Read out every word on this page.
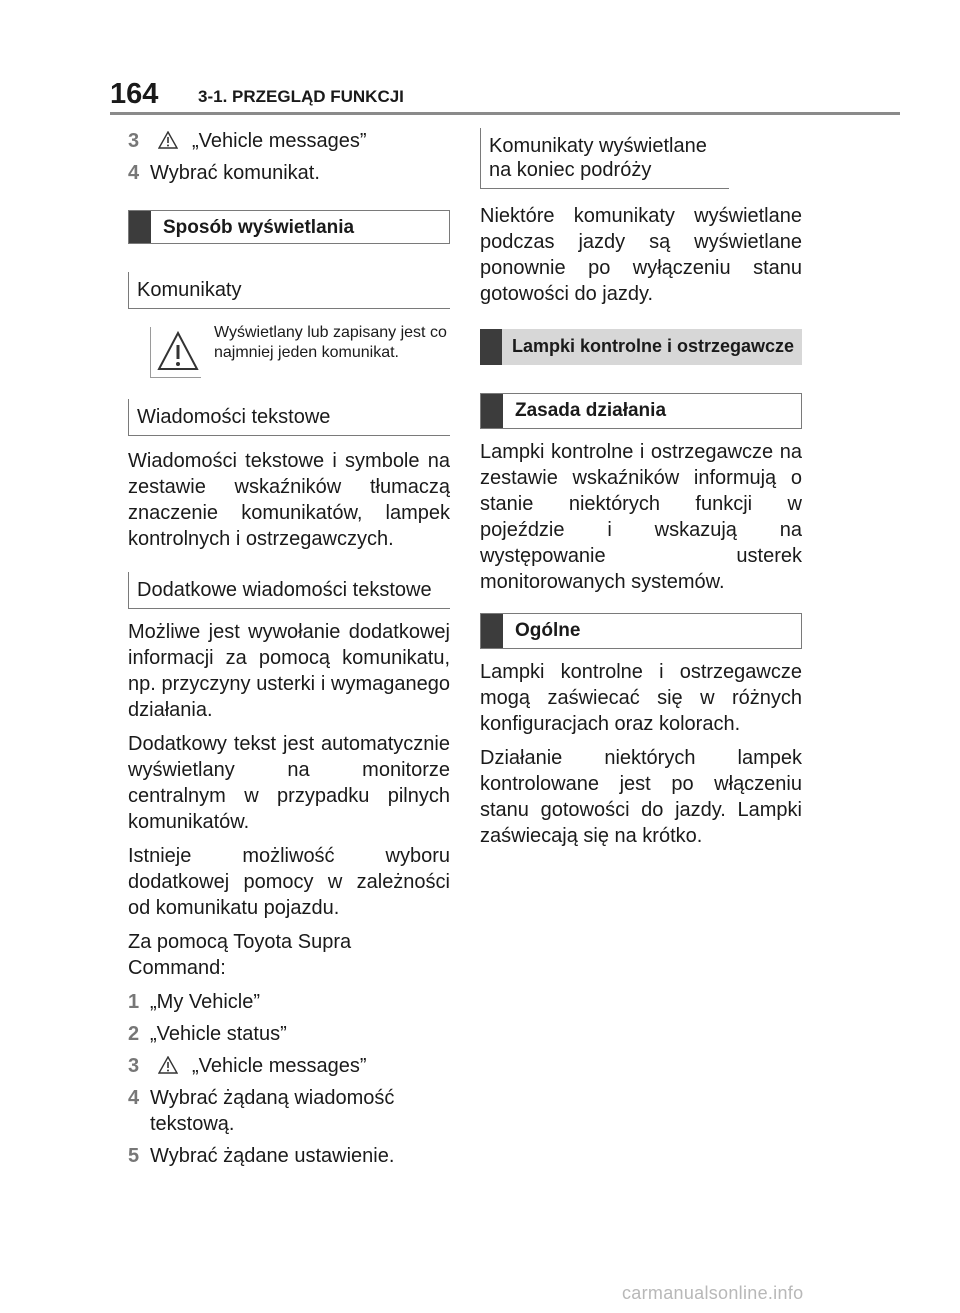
164 3-1. PRZEGLĄD FUNKCJI
3	„Vehicle messages”
4 Wybrać komunikat.
Sposób wyświetlania
Komunikaty
Wyświetlany lub zapisany jest co najmniej jeden komunikat.
Wiadomości tekstowe

Wiadomości tekstowe i symbole na zestawie wskaźników tłumaczą znaczenie komunikatów, lampek kontrolnych i ostrzegawczych.

Dodatkowe wiadomości tekstowe

Możliwe jest wywołanie dodatkowej informacji za pomocą komunikatu, np. przyczyny usterki i wymaganego działania.

Dodatkowy tekst jest automatycznie wyświetlany na monitorze centralnym w przypadku pilnych komunikatów.

Istnieje możliwość wyboru dodatkowej pomocy w zależności od komunikatu pojazdu.

Za pomocą Toyota Supra Command:

1 „My Vehicle”
2 „Vehicle status”
3	„Vehicle messages”
4 Wybrać żądaną wiadomość tekstową.
5 Wybrać żądane ustawienie.
Komunikaty wyświetlane na koniec podróży

Niektóre komunikaty wyświetlane podczas jazdy są wyświetlane ponownie po wyłączeniu stanu gotowości do jazdy.

Lampki kontrolne i ostrzegawcze
Zasada działania

Lampki kontrolne i ostrzegawcze na zestawie wskaźników informują o stanie niektórych funkcji w pojeździe i wskazują na występowanie usterek monitorowanych systemów.

Ogólne

Lampki kontrolne i ostrzegawcze mogą zaświecać się w różnych konfiguracjach oraz kolorach.

Działanie niektórych lampek kontrolowane jest po włączeniu stanu gotowości do jazdy. Lampki zaświecają się na krótko.

carmanualsonline.info
